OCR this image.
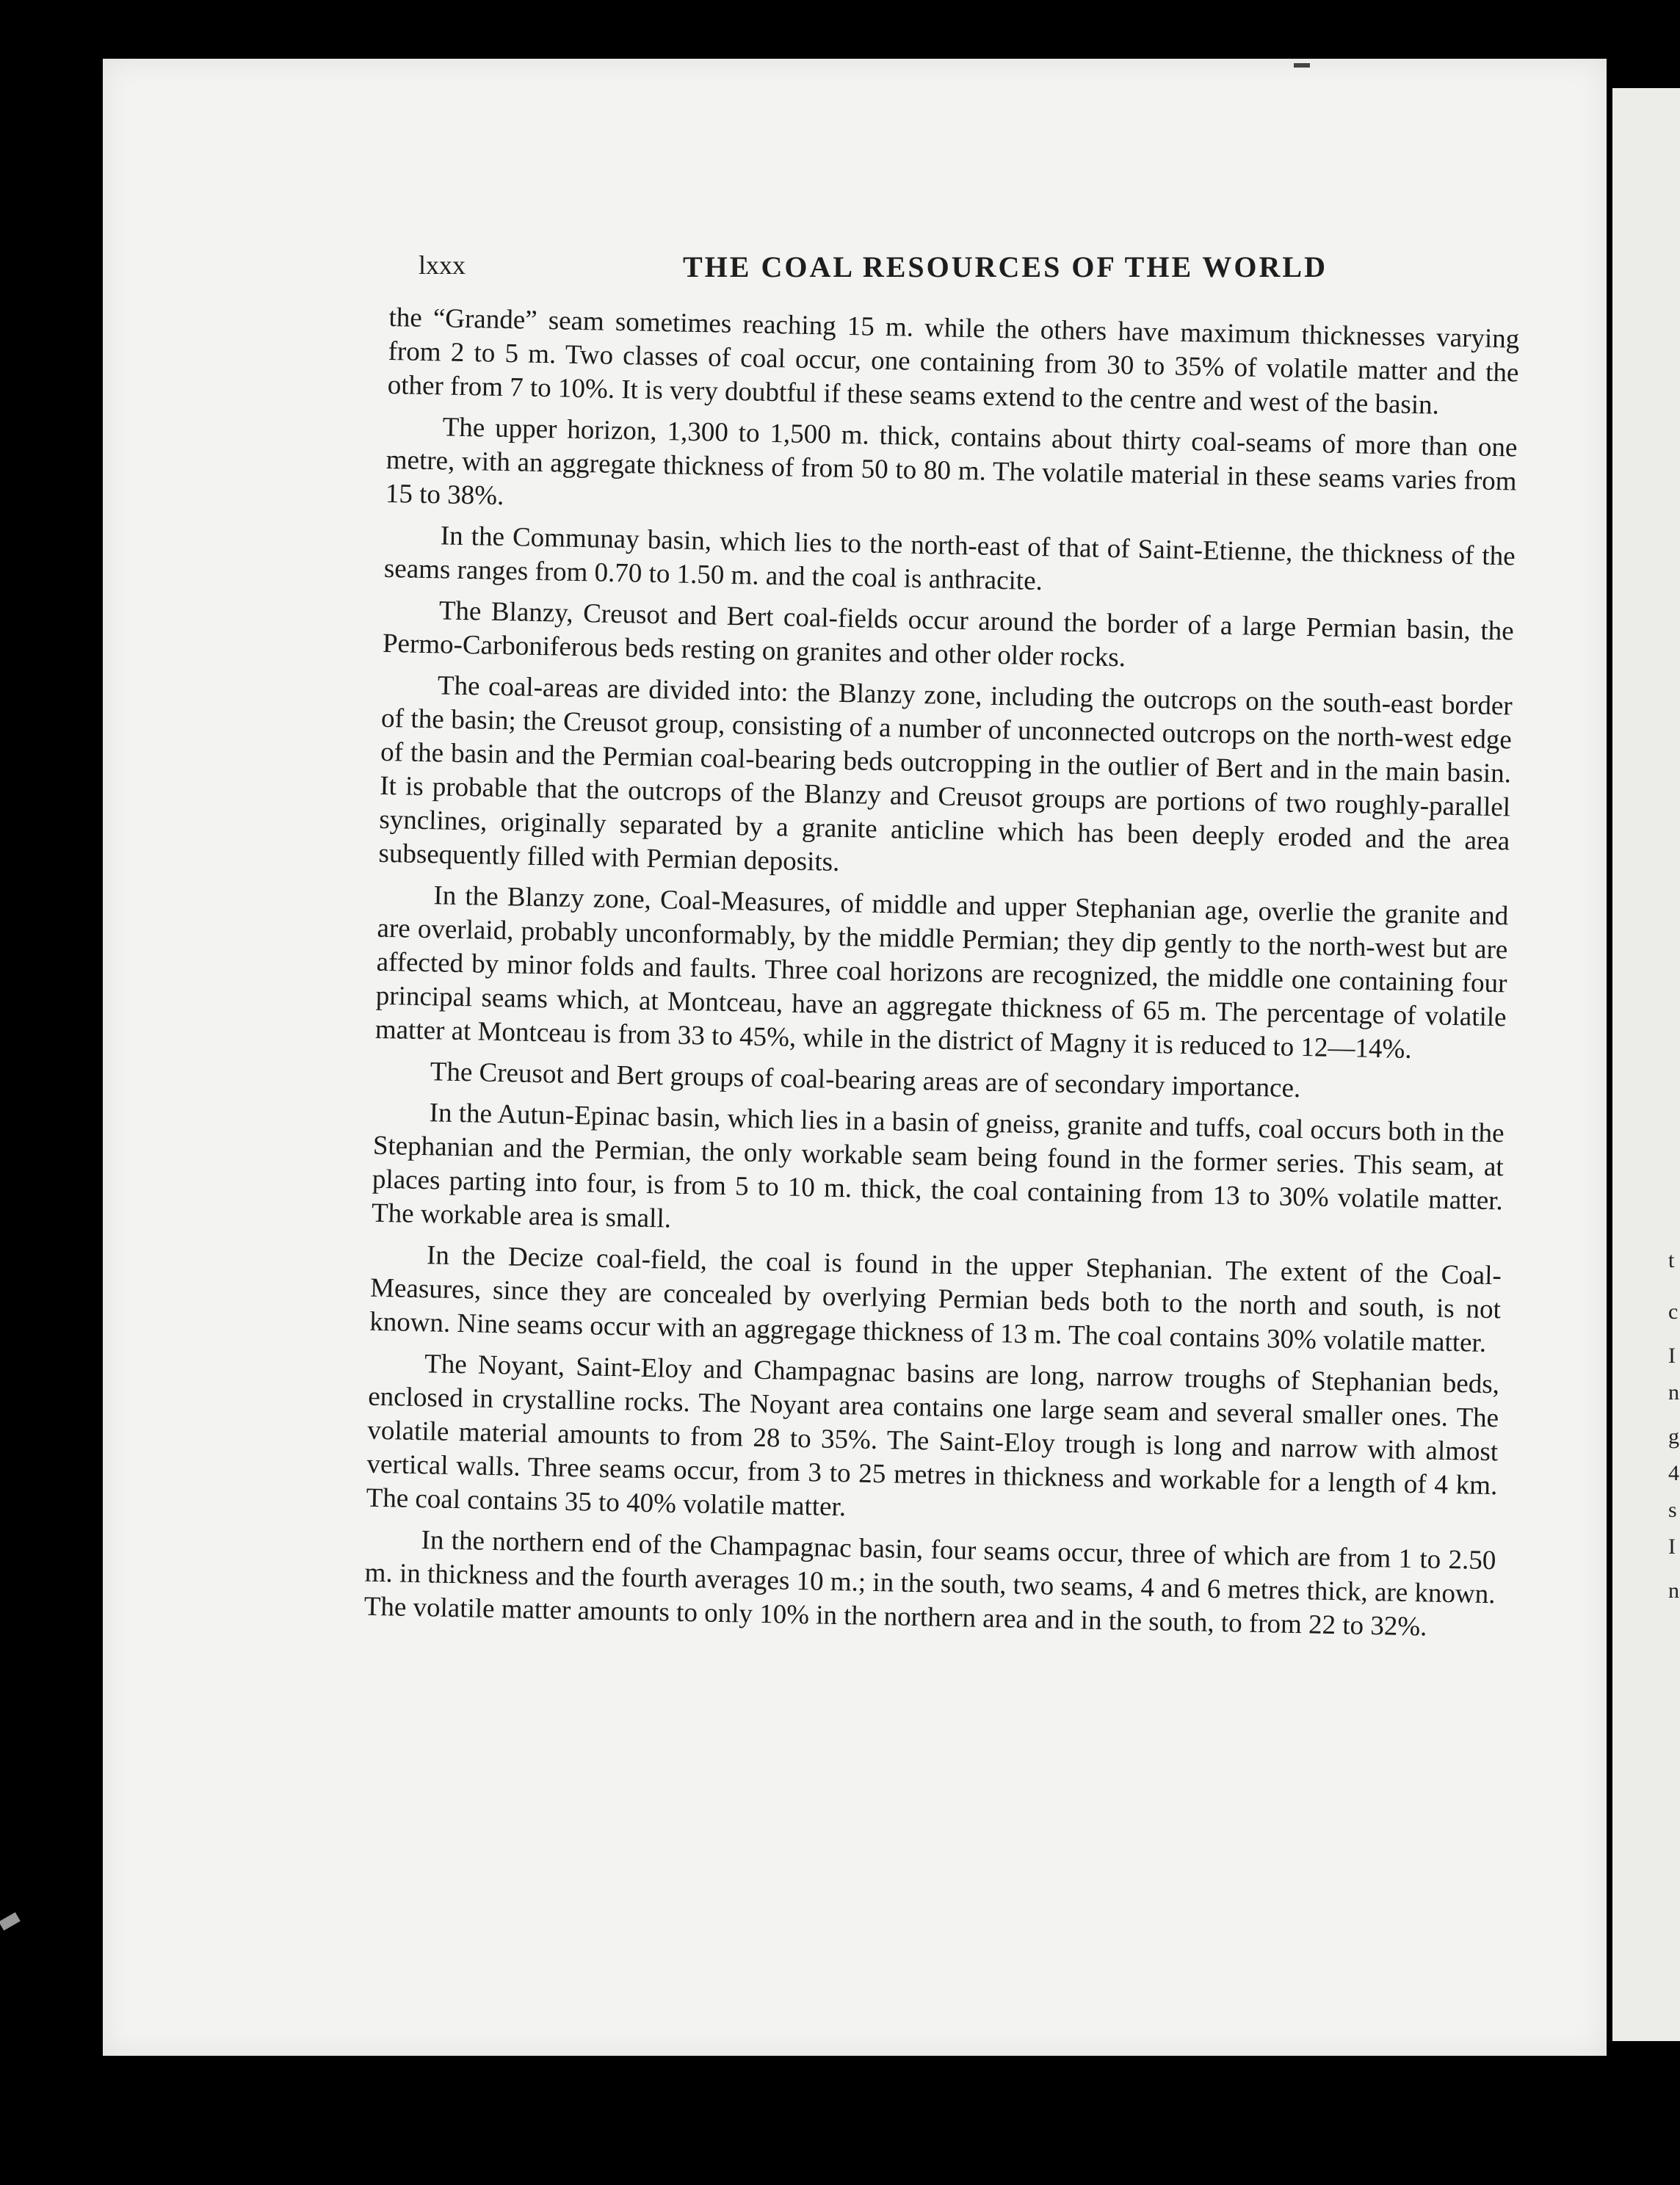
t
c
I
n
g
4
s
I
n
lxxx	THE COAL RESOURCES OF THE WORLD

the “Grande” seam sometimes reaching 15 m. while the others have maximum thicknesses varying from 2 to 5 m. Two classes of coal occur, one containing from 30 to 35% of volatile matter and the other from 7 to 10%. It is very doubtful if these seams extend to the centre and west of the basin.

The upper horizon, 1,300 to 1,500 m. thick, contains about thirty coal-seams of more than one metre, with an aggregate thickness of from 50 to 80 m. The volatile material in these seams varies from 15 to 38%.

In the Communay basin, which lies to the north-east of that of Saint-Etienne, the thickness of the seams ranges from 0.70 to 1.50 m. and the coal is anthracite.

The Blanzy, Creusot and Bert coal-fields occur around the border of a large Permian basin, the Permo-Carboniferous beds resting on granites and other older rocks.

The coal-areas are divided into: the Blanzy zone, including the outcrops on the south-east border of the basin; the Creusot group, consisting of a number of unconnected outcrops on the north-west edge of the basin and the Permian coal-bearing beds outcropping in the outlier of Bert and in the main basin. It is probable that the outcrops of the Blanzy and Creusot groups are portions of two roughly-parallel synclines, originally separated by a granite anticline which has been deeply eroded and the area subsequently filled with Permian deposits.

In the Blanzy zone, Coal-Measures, of middle and upper Stephanian age, overlie the granite and are overlaid, probably unconformably, by the middle Permian; they dip gently to the north-west but are affected by minor folds and faults. Three coal horizons are recognized, the middle one containing four principal seams which, at Montceau, have an aggregate thickness of 65 m. The percentage of volatile matter at Montceau is from 33 to 45%, while in the district of Magny it is reduced to 12—14%.

The Creusot and Bert groups of coal-bearing areas are of secondary importance.

In the Autun-Epinac basin, which lies in a basin of gneiss, granite and tuffs, coal occurs both in the Stephanian and the Permian, the only workable seam being found in the former series. This seam, at places parting into four, is from 5 to 10 m. thick, the coal containing from 13 to 30% volatile matter. The workable area is small.

In the Decize coal-field, the coal is found in the upper Stephanian. The extent of the Coal-Measures, since they are concealed by overlying Permian beds both to the north and south, is not known. Nine seams occur with an aggregage thickness of 13 m. The coal contains 30% volatile matter.

The Noyant, Saint-Eloy and Champagnac basins are long, narrow troughs of Stephanian beds, enclosed in crystalline rocks. The Noyant area contains one large seam and several smaller ones. The volatile material amounts to from 28 to 35%. The Saint-Eloy trough is long and narrow with almost vertical walls. Three seams occur, from 3 to 25 metres in thickness and workable for a length of 4 km. The coal contains 35 to 40% volatile matter.

In the northern end of the Champagnac basin, four seams occur, three of which are from 1 to 2.50 m. in thickness and the fourth averages 10 m.; in the south, two seams, 4 and 6 metres thick, are known. The volatile matter amounts to only 10% in the northern area and in the south, to from 22 to 32%.
